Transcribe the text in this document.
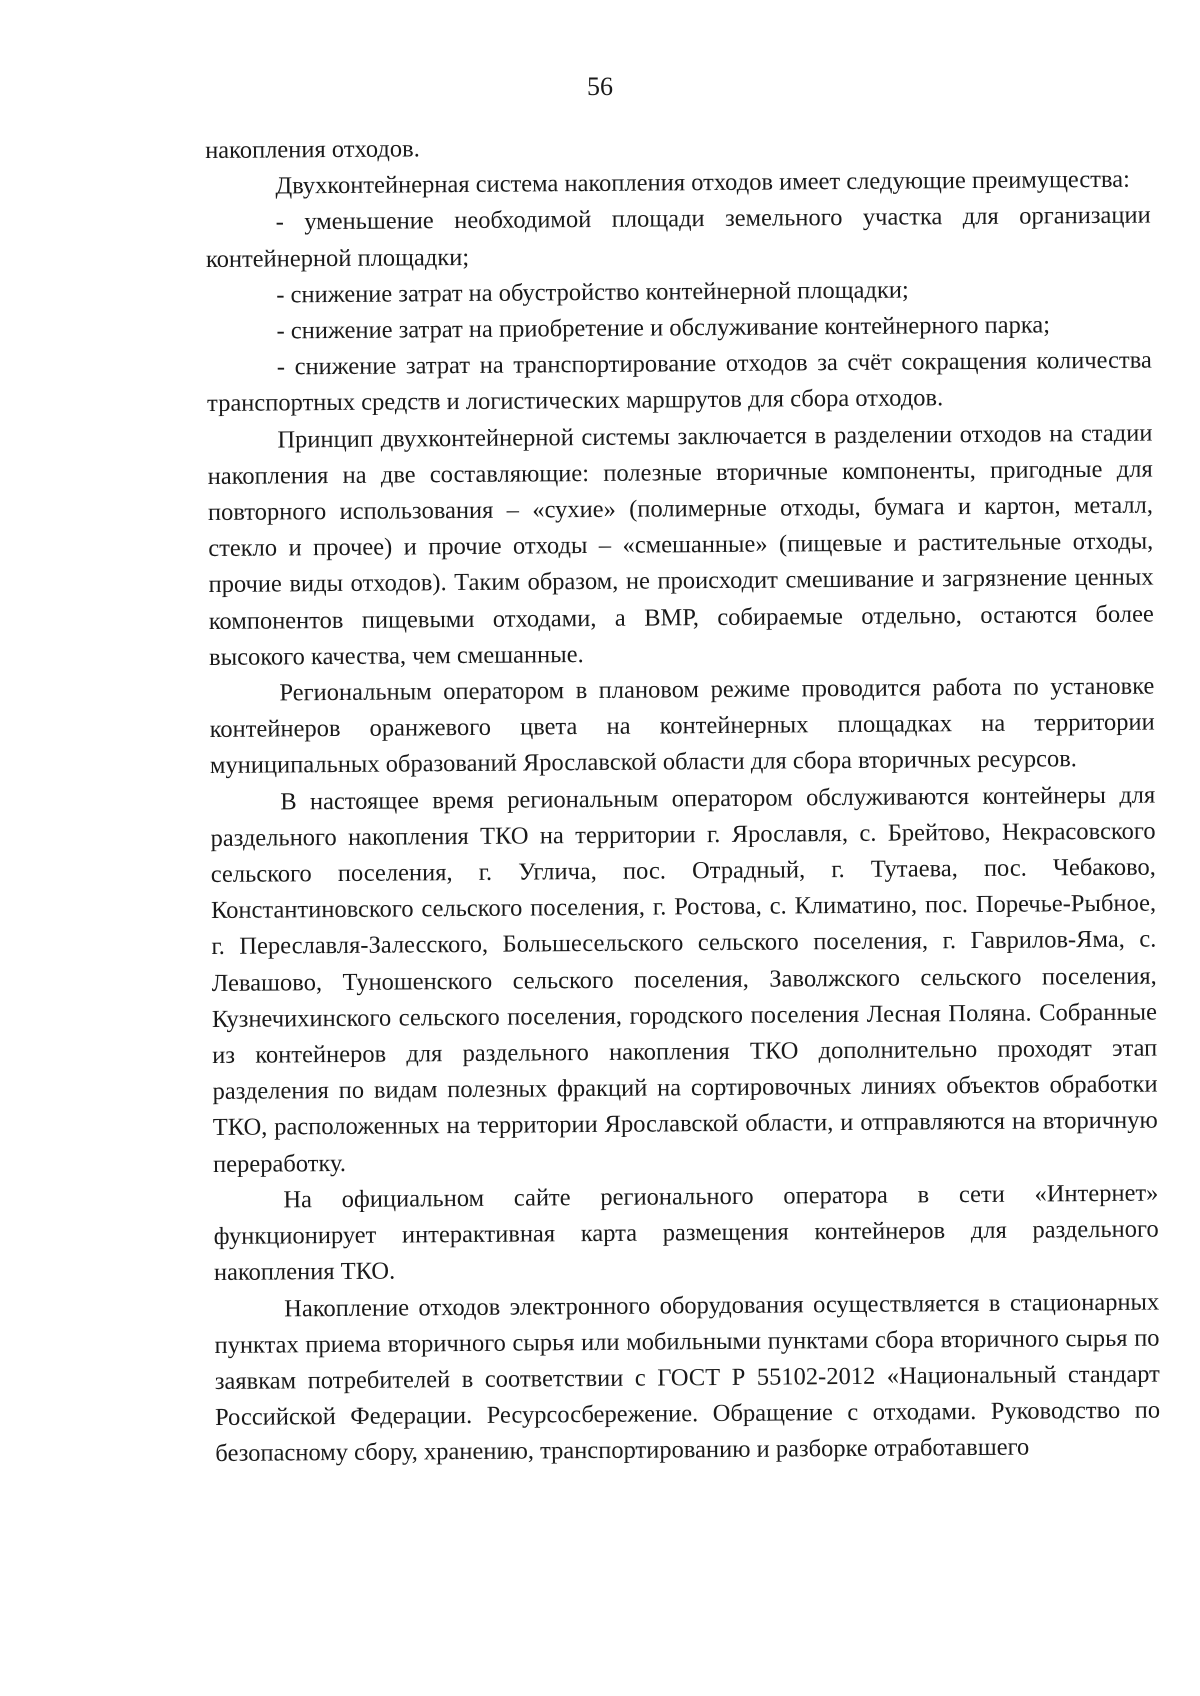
56

накопления отходов.

Двухконтейнерная система накопления отходов имеет следующие преимущества:

- уменьшение необходимой площади земельного участка для организации контейнерной площадки;

- снижение затрат на обустройство контейнерной площадки;

- снижение затрат на приобретение и обслуживание контейнерного парка;

- снижение затрат на транспортирование отходов за счёт сокращения количества транспортных средств и логистических маршрутов для сбора отходов.

Принцип двухконтейнерной системы заключается в разделении отходов на стадии накопления на две составляющие: полезные вторичные компоненты, пригодные для повторного использования – «сухие» (полимерные отходы, бумага и картон, металл, стекло и прочее) и прочие отходы – «смешанные» (пищевые и растительные отходы, прочие виды отходов). Таким образом, не происходит смешивание и загрязнение ценных компонентов пищевыми отходами, а ВМР, собираемые отдельно, остаются более высокого качества, чем смешанные.

Региональным оператором в плановом режиме проводится работа по установке контейнеров оранжевого цвета на контейнерных площадках на территории муниципальных образований Ярославской области для сбора вторичных ресурсов.

В настоящее время региональным оператором обслуживаются контейнеры для раздельного накопления ТКО на территории г. Ярославля, с. Брейтово, Некрасовского сельского поселения, г. Углича, пос. Отрадный, г. Тутаева, пос. Чебаково, Константиновского сельского поселения, г. Ростова, с. Климатино, пос. Поречье-Рыбное, г. Переславля-Залесского, Большесельского сельского поселения, г. Гаврилов-Яма, с. Левашово, Туношенского сельского поселения, Заволжского сельского поселения, Кузнечихинского сельского поселения, городского поселения Лесная Поляна. Собранные из контейнеров для раздельного накопления ТКО дополнительно проходят этап разделения по видам полезных фракций на сортировочных линиях объектов обработки ТКО, расположенных на территории Ярославской области, и отправляются на вторичную переработку.

На официальном сайте регионального оператора в сети «Интернет» функционирует интерактивная карта размещения контейнеров для раздельного накопления ТКО.

Накопление отходов электронного оборудования осуществляется в стационарных пунктах приема вторичного сырья или мобильными пунктами сбора вторичного сырья по заявкам потребителей в соответствии с ГОСТ Р 55102-2012 «Национальный стандарт Российской Федерации. Ресурсосбережение. Обращение с отходами. Руководство по безопасному сбору, хранению, транспортированию и разборке отработавшего
